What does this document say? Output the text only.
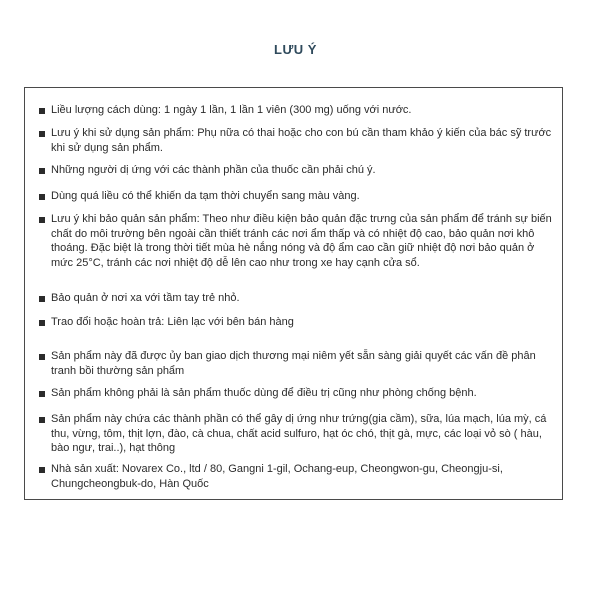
LƯU Ý
Liều lượng cách dùng: 1 ngày 1 lần, 1 lần 1 viên (300 mg) uống với nước.
Lưu ý khi sử dụng sản phẩm: Phụ nữa có thai hoặc cho con bú cần tham khảo ý kiến của bác sỹ trước khi sử dụng sản phẩm.
Những người dị ứng với các thành phần của thuốc cần phải chú ý.
Dùng quá liều có thể khiến da tạm thời chuyển sang màu vàng.
Lưu ý khi bảo quản sản phẩm: Theo như điều kiện bảo quản đặc trưng của sản phẩm để tránh sự biến chất do môi trường bên ngoài cần thiết tránh các nơi ẩm thấp và có nhiệt độ cao, bảo quản nơi khô thoáng. Đặc biệt là trong thời tiết mùa hè nắng nóng và độ ẩm cao cần giữ nhiệt độ nơi bảo quản ở mức 25°C, tránh các nơi nhiệt độ dễ lên cao như trong xe hay cạnh cửa sổ.
Bảo quản ở nơi xa với tầm tay trẻ nhỏ.
Trao đổi hoặc hoàn trả: Liên lạc với bên bán hàng
Sản phẩm này đã được ủy ban giao dịch thương mại niêm yết sẵn sàng giải quyết các vấn đề phân tranh bồi thường sản phẩm
Sản phẩm không phải là sản phẩm thuốc dùng để điều trị cũng như phòng chống bệnh.
Sản phẩm này chứa các thành phần có thể gây dị ứng như trứng(gia cầm), sữa, lúa mạch, lúa mỳ, cá thu, vừng, tôm, thịt lợn, đào, cà chua, chất acid sulfuro, hạt óc chó, thịt gà, mực, các loại vỏ sò ( hàu, bào ngư, trai..), hạt thông
Nhà sản xuất: Novarex Co., ltd / 80, Gangni 1-gil, Ochang-eup, Cheongwon-gu, Cheongju-si, Chungcheongbuk-do, Hàn Quốc
